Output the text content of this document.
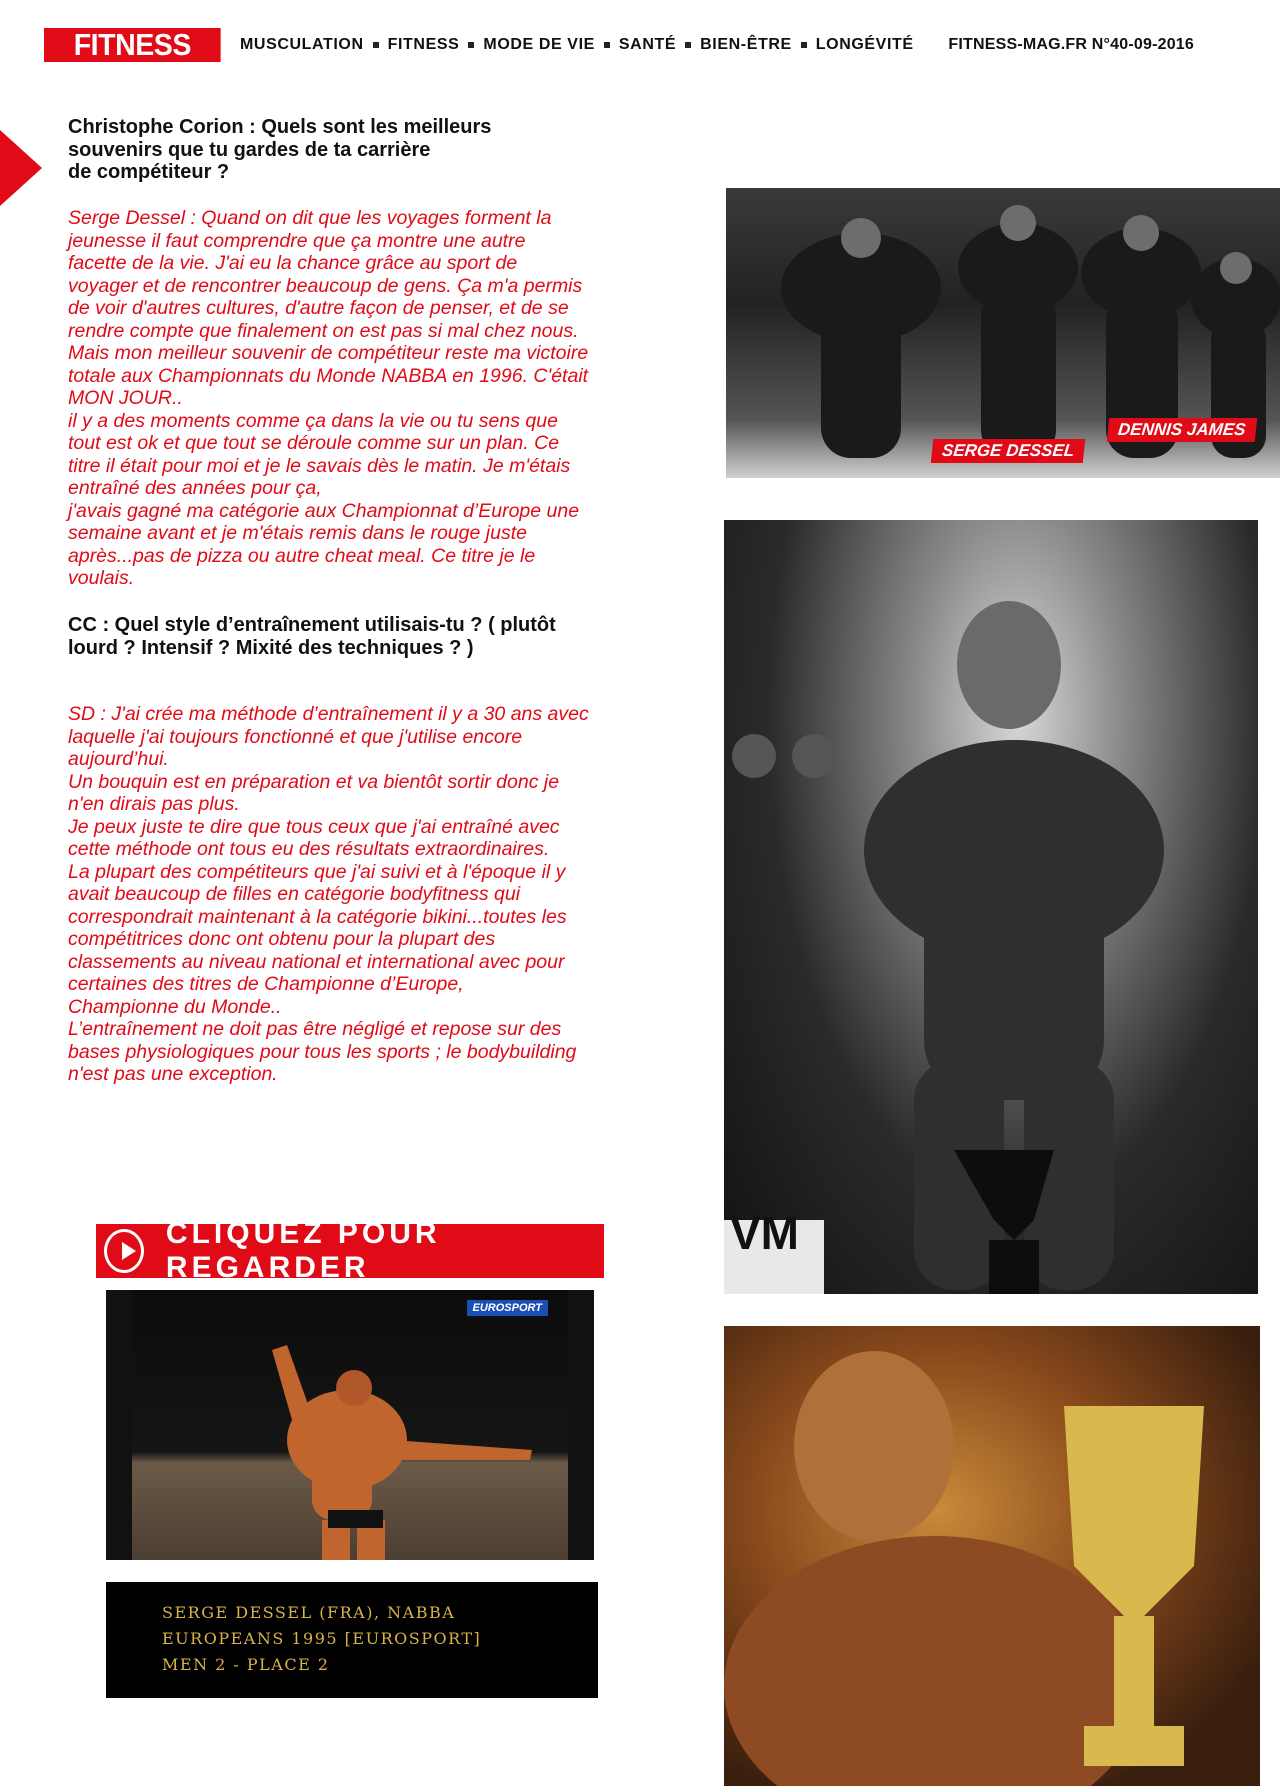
FITNESS MAG
MUSCULATION FITNESS MODE DE VIE SANTÉ BIEN-ÊTRE LONGÉVITÉ FITNESS-MAG.FR N°40-09-2016

Christophe Corion : Quels sont les meilleurs
souvenirs que tu gardes de ta carrière
de compétiteur ?

Serge Dessel : Quand on dit que les voyages forment la
jeunesse il faut comprendre que ça montre une autre
facette de la vie. J'ai eu la chance grâce au sport de
voyager et de rencontrer beaucoup de gens. Ça m'a permis
de voir d'autres cultures, d'autre façon de penser, et de se
rendre compte que finalement on est pas si mal chez nous.
Mais mon meilleur souvenir de compétiteur reste ma victoire
totale aux Championnats du Monde NABBA en 1996. C'était
MON JOUR..
il y a des moments comme ça dans la vie ou tu sens que
tout est ok et que tout se déroule comme sur un plan. Ce
titre il était pour moi et je le savais dès le matin. Je m'étais
entraîné des années pour ça,
j'avais gagné ma catégorie aux Championnat d’Europe une
semaine avant et je m'étais remis dans le rouge juste
après...pas de pizza ou autre cheat meal. Ce titre je le
voulais.

CC : Quel style d’entraînement utilisais-tu ? ( plutôt
lourd ? Intensif ? Mixité des techniques ? )

SD : J'ai crée ma méthode d’entraînement il y a 30 ans avec
laquelle j'ai toujours fonctionné et que j'utilise encore
aujourd’hui.
Un bouquin est en préparation et va bientôt sortir donc je
n'en dirais pas plus.
Je peux juste te dire que tous ceux que j'ai entraîné avec
cette méthode ont tous eu des résultats extraordinaires.
La plupart des compétiteurs que j'ai suivi et à l'époque il y
avait beaucoup de filles en catégorie bodyfitness qui
correspondrait maintenant à la catégorie bikini...toutes les
compétitrices donc ont obtenu pour la plupart des
classements au niveau national et international avec pour
certaines des titres de Championne d’Europe,
Championne du Monde..
L’entraînement ne doit pas être négligé et repose sur des
bases physiologiques pour tous les sports ; le bodybuilding
n'est pas une exception.

SERGE DESSEL
DENNIS JAMES
VM
CLIQUEZ POUR REGARDER
EUROSPORT
SERGE DESSEL (FRA), NABBA
EUROPEANS 1995 [EUROSPORT]
MEN 2 - PLACE 2
